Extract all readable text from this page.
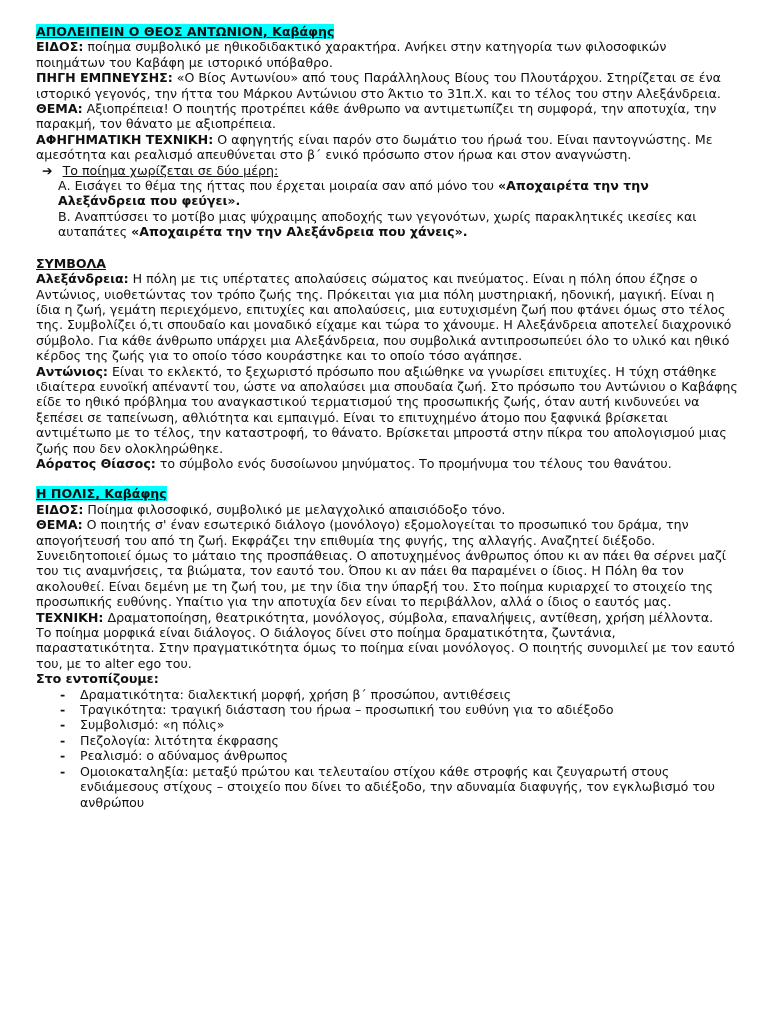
ΑΠΟΛΕΙΠΕΙΝ Ο ΘΕΟΣ ΑΝΤΩΝΙΟΝ, Καβάφης

ΕΙΔΟΣ: ποίημα συμβολικό με ηθικοδιδακτικό χαρακτήρα. Ανήκει στην κατηγορία των φιλοσοφικών ποιημάτων του Καβάφη με ιστορικό υπόβαθρο.

ΠΗΓΗ ΕΜΠΝΕΥΣΗΣ: «Ο Βίος Αντωνίου» από τους Παράλληλους Βίους του Πλουτάρχου. Στηρίζεται σε ένα ιστορικό γεγονός, την ήττα του Μάρκου Αντώνιου στο Άκτιο το 31π.Χ. και το τέλος του στην Αλεξάνδρεια.

ΘΕΜΑ: Αξιοπρέπεια! Ο ποιητής προτρέπει κάθε άνθρωπο να αντιμετωπίζει τη συμφορά, την αποτυχία, την παρακμή, τον θάνατο με αξιοπρέπεια.

ΑΦΗΓΗΜΑΤΙΚΗ ΤΕΧΝΙΚΗ: Ο αφηγητής είναι παρόν στο δωμάτιο του ήρωά του. Είναι παντογνώστης. Με αμεσότητα και ρεαλισμό απευθύνεται στο β΄ ενικό πρόσωπο στον ήρωα και στον αναγνώστη.

➔ Το ποίημα χωρίζεται σε δύο μέρη:

Α. Εισάγει το θέμα της ήττας που έρχεται μοιραία σαν από μόνο του «Αποχαιρέτα την την Αλεξάνδρεια που φεύγει».

Β. Αναπτύσσει το μοτίβο μιας ψύχραιμης αποδοχής των γεγονότων, χωρίς παρακλητικές ικεσίες και αυταπάτες «Αποχαιρέτα την την Αλεξάνδρεια που χάνεις».

ΣΥΜΒΟΛΑ

Αλεξάνδρεια: Η πόλη με τις υπέρτατες απολαύσεις σώματος και πνεύματος. Είναι η πόλη όπου έζησε ο Αντώνιος, υιοθετώντας τον τρόπο ζωής της. Πρόκειται για μια πόλη μυστηριακή, ηδονική, μαγική. Είναι η ίδια η ζωή, γεμάτη περιεχόμενο, επιτυχίες και απολαύσεις, μια ευτυχισμένη ζωή που φτάνει όμως στο τέλος της. Συμβολίζει ό,τι σπουδαίο και μοναδικό είχαμε και τώρα το χάνουμε. Η Αλεξάνδρεια αποτελεί διαχρονικό σύμβολο. Για κάθε άνθρωπο υπάρχει μια Αλεξάνδρεια, που συμβολικά αντιπροσωπεύει όλο το υλικό και ηθικό κέρδος της ζωής για το οποίο τόσο κουράστηκε και το οποίο τόσο αγάπησε.

Αντώνιος: Είναι το εκλεκτό, το ξεχωριστό πρόσωπο που αξιώθηκε να γνωρίσει επιτυχίες. Η τύχη στάθηκε ιδιαίτερα ευνοϊκή απέναντί του, ώστε να απολαύσει μια σπουδαία ζωή. Στο πρόσωπο του Αντώνιου ο Καβάφης είδε το ηθικό πρόβλημα του αναγκαστικού τερματισμού της προσωπικής ζωής, όταν αυτή κινδυνεύει να ξεπέσει σε ταπείνωση, αθλιότητα και εμπαιγμό. Είναι το επιτυχημένο άτομο που ξαφνικά βρίσκεται αντιμέτωπο με το τέλος, την καταστροφή, το θάνατο. Βρίσκεται μπροστά στην πίκρα του απολογισμού μιας ζωής που δεν ολοκληρώθηκε.

Αόρατος Θίασος: το σύμβολο ενός δυσοίωνου μηνύματος. Το προμήνυμα του τέλους του θανάτου.

Η ΠΟΛΙΣ, Καβάφης

ΕΙΔΟΣ: Ποίημα φιλοσοφικό, συμβολικό με μελαγχολικό απαισιόδοξο τόνο.

ΘΕΜΑ: Ο ποιητής σ' έναν εσωτερικό διάλογο (μονόλογο) εξομολογείται το προσωπικό του δράμα, την απογοήτευσή του από τη ζωή. Εκφράζει την επιθυμία της φυγής, της αλλαγής. Αναζητεί διέξοδο. Συνειδητοποιεί όμως το μάταιο της προσπάθειας. Ο αποτυχημένος άνθρωπος όπου κι αν πάει θα σέρνει μαζί του τις αναμνήσεις, τα βιώματα, τον εαυτό του. Όπου κι αν πάει θα παραμένει ο ίδιος. Η Πόλη θα τον ακολουθεί. Είναι δεμένη με τη ζωή του, με την ίδια την ύπαρξή του. Στο ποίημα κυριαρχεί το στοιχείο της προσωπικής ευθύνης. Υπαίτιο για την αποτυχία δεν είναι το περιβάλλον, αλλά ο ίδιος ο εαυτός μας.

ΤΕΧΝΙΚΗ: Δραματοποίηση, θεατρικότητα, μονόλογος, σύμβολα, επαναλήψεις, αντίθεση, χρήση μέλλοντα.

Το ποίημα μορφικά είναι διάλογος. Ο διάλογος δίνει στο ποίημα δραματικότητα, ζωντάνια, παραστατικότητα. Στην πραγματικότητα όμως το ποίημα είναι μονόλογος. Ο ποιητής συνομιλεί με τον εαυτό του, με το alter ego του.

Στο εντοπίζουμε:

- Δραματικότητα: διαλεκτική μορφή, χρήση β΄ προσώπου, αντιθέσεις
- Τραγικότητα: τραγική διάσταση του ήρωα – προσωπική του ευθύνη για το αδιέξοδο
- Συμβολισμό: «η πόλις»
- Πεζολογία: λιτότητα έκφρασης
- Ρεαλισμό: ο αδύναμος άνθρωπος
- Ομοιοκαταληξία: μεταξύ πρώτου και τελευταίου στίχου κάθε στροφής και ζευγαρωτή στους ενδιάμεσους στίχους – στοιχείο που δίνει το αδιέξοδο, την αδυναμία διαφυγής, τον εγκλωβισμό του ανθρώπου
